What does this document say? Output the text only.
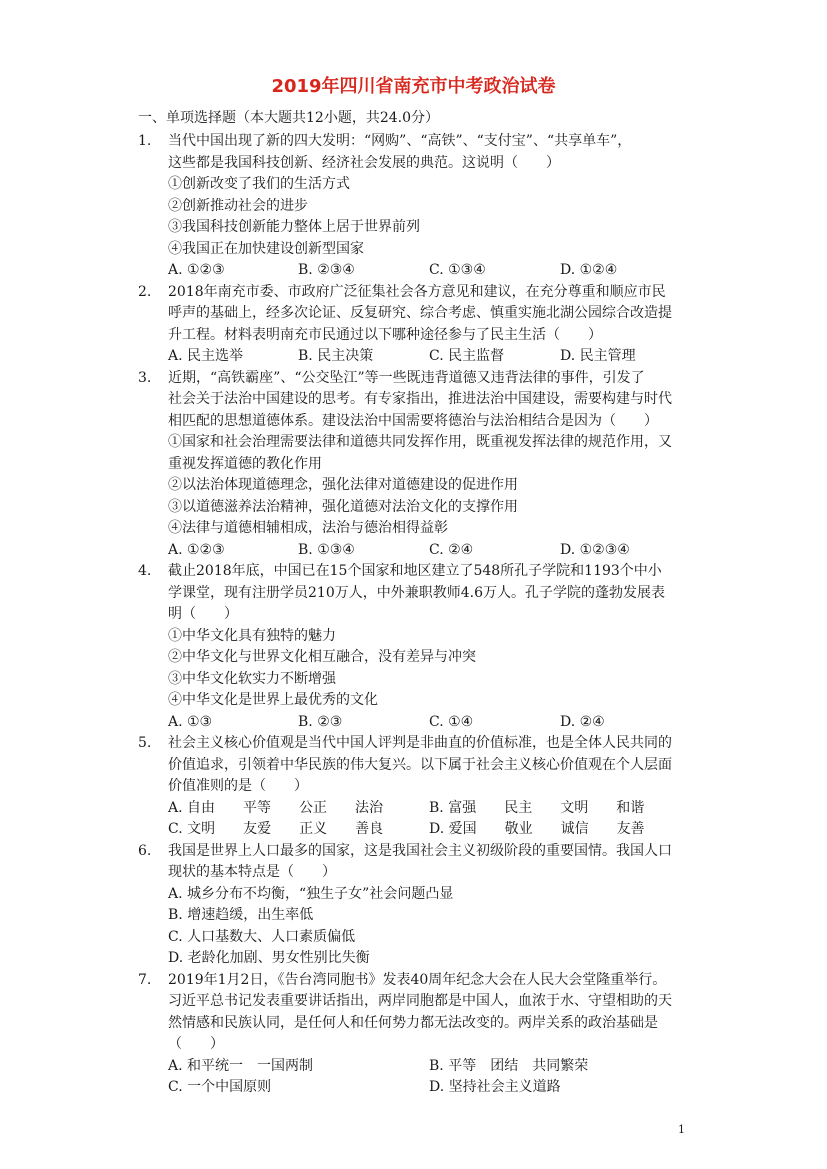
2019年四川省南充市中考政治试卷
一、单项选择题（本大题共12小题，共24.0分）
1.	当代中国出现了新的四大发明：“网购”、“高铁”、“支付宝”、“共享单车”，
这些都是我国科技创新、经济社会发展的典范。这说明（　　）
①创新改变了我们的生活方式
②创新推动社会的进步
③我国科技创新能力整体上居于世界前列
④我国正在加快建设创新型国家
A. ①②③	B. ②③④	C. ①③④	D. ①②④
2.	2018年南充市委、市政府广泛征集社会各方意见和建议，在充分尊重和顺应市民
呼声的基础上，经多次论证、反复研究、综合考虑、慎重实施北湖公园综合改造提
升工程。材料表明南充市民通过以下哪种途径参与了民主生活（　　）
A. 民主选举	B. 民主决策	C. 民主监督	D. 民主管理
3.	近期，“高铁霸座”、“公交坠江”等一些既违背道德又违背法律的事件，引发了
社会关于法治中国建设的思考。有专家指出，推进法治中国建设，需要构建与时代
相匹配的思想道德体系。建设法治中国需要将德治与法治相结合是因为（　　）
①国家和社会治理需要法律和道德共同发挥作用，既重视发挥法律的规范作用，又
重视发挥道德的教化作用
②以法治体现道德理念，强化法律对道德建设的促进作用
③以道德滋养法治精神，强化道德对法治文化的支撑作用
④法律与道德相辅相成，法治与德治相得益彰
A. ①②③	B. ①③④	C. ②④	D. ①②③④
4.	截止2018年底，中国已在15个国家和地区建立了548所孔子学院和1193个中小
学课堂，现有注册学员210万人，中外兼职教师4.6万人。孔子学院的蓬勃发展表
明（　　）
①中华文化具有独特的魅力
②中华文化与世界文化相互融合，没有差异与冲突
③中华文化软实力不断增强
④中华文化是世界上最优秀的文化
A. ①③	B. ②③	C. ①④	D. ②④
5.	社会主义核心价值观是当代中国人评判是非曲直的价值标准，也是全体人民共同的
价值追求，引领着中华民族的伟大复兴。以下属于社会主义核心价值观在个人层面
价值准则的是（　　）
A. 自由　　平等　　公正　　法治	B. 富强　　民主　　文明　　和谐
C. 文明　　友爱　　正义　　善良	D. 爱国　　敬业　　诚信　　友善
6.	我国是世界上人口最多的国家，这是我国社会主义初级阶段的重要国情。我国人口
现状的基本特点是（　　）
A. 城乡分布不均衡，“独生子女”社会问题凸显
B. 增速趋缓，出生率低
C. 人口基数大、人口素质偏低
D. 老龄化加剧、男女性别比失衡
7.	2019年1月2日，《告台湾同胞书》发表40周年纪念大会在人民大会堂隆重举行。
习近平总书记发表重要讲话指出，两岸同胞都是中国人，血浓于水、守望相助的天
然情感和民族认同，是任何人和任何势力都无法改变的。两岸关系的政治基础是
（　　）
A. 和平统一　一国两制	B. 平等　团结　共同繁荣
C. 一个中国原则	D. 坚持社会主义道路
1
